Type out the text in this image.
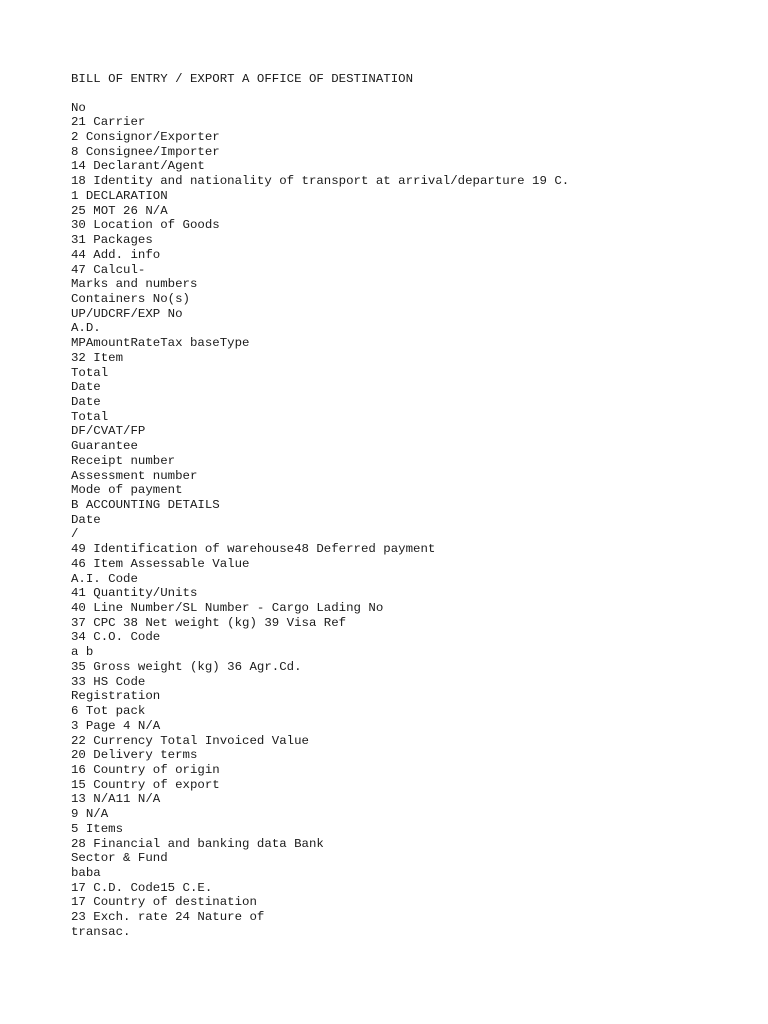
BILL OF ENTRY / EXPORT A OFFICE OF DESTINATION
No
21 Carrier
2 Consignor/Exporter
8 Consignee/Importer
14 Declarant/Agent
18 Identity and nationality of transport at arrival/departure 19 C.
1 DECLARATION
25 MOT 26 N/A
30 Location of Goods
31 Packages
44 Add. info
47 Calcul-
Marks and numbers
Containers No(s)
UP/UDCRF/EXP No
A.D.
MPAmountRateTax baseType
32 Item
Total
Date
Date
Total
DF/CVAT/FP
Guarantee
Receipt number
Assessment number
Mode of payment
B ACCOUNTING DETAILS
Date
/
49 Identification of warehouse48 Deferred payment
46 Item Assessable Value
A.I. Code
41 Quantity/Units
40 Line Number/SL Number - Cargo Lading No
37 CPC 38 Net weight (kg) 39 Visa Ref
34 C.O. Code
a b
35 Gross weight (kg) 36 Agr.Cd.
33 HS Code
Registration
6 Tot pack
3 Page 4 N/A
22 Currency Total Invoiced Value
20 Delivery terms
16 Country of origin
15 Country of export
13 N/A11 N/A
9 N/A
5 Items
28 Financial and banking data Bank
Sector & Fund
baba
17 C.D. Code15 C.E.
17 Country of destination
23 Exch. rate 24 Nature of
transac.
